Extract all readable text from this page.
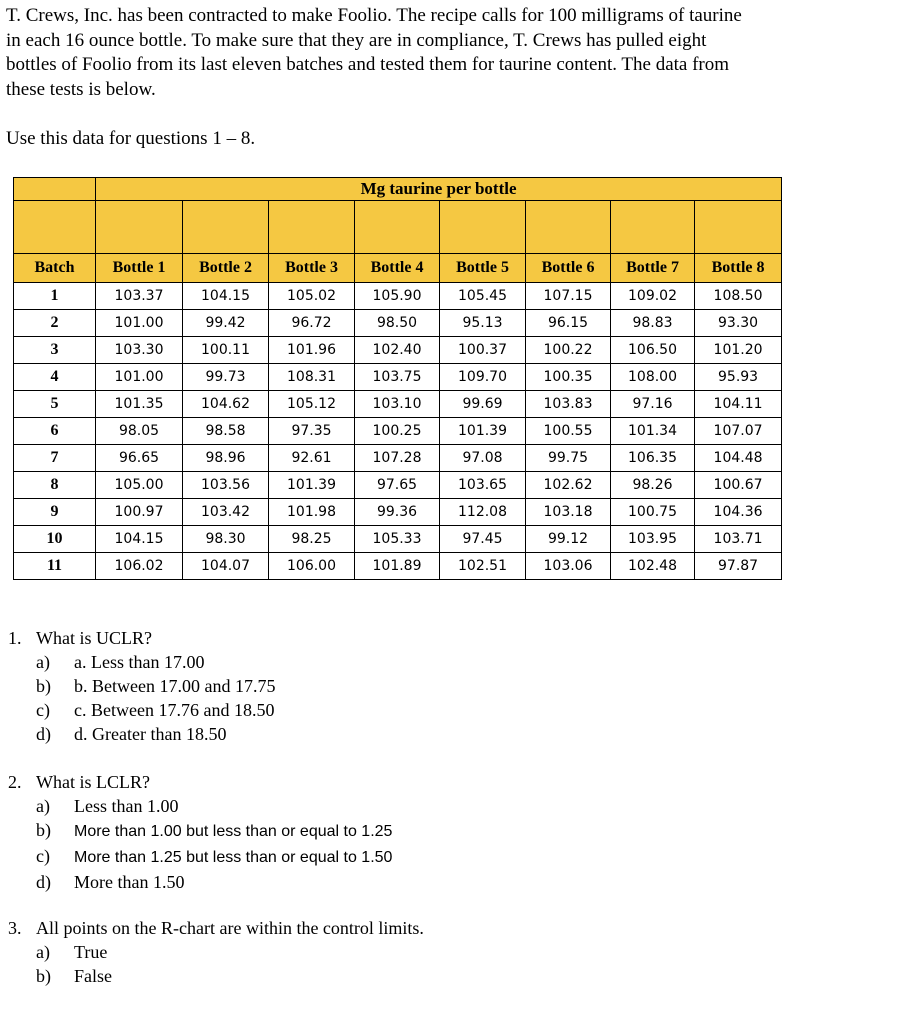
T. Crews, Inc. has been contracted to make Foolio. The recipe calls for 100 milligrams of taurine
in each 16 ounce bottle. To make sure that they are in compliance, T. Crews has pulled eight
bottles of Foolio from its last eleven batches and tested them for taurine content. The data from
these tests is below.
Use this data for questions 1 – 8.
	Mg taurine per bottle							

Batch	Bottle 1	Bottle 2	Bottle 3	Bottle 4	Bottle 5	Bottle 6	Bottle 7	Bottle 8
1	103.37	104.15	105.02	105.90	105.45	107.15	109.02	108.50
2	101.00	99.42	96.72	98.50	95.13	96.15	98.83	93.30
3	103.30	100.11	101.96	102.40	100.37	100.22	106.50	101.20
4	101.00	99.73	108.31	103.75	109.70	100.35	108.00	95.93
5	101.35	104.62	105.12	103.10	99.69	103.83	97.16	104.11
6	98.05	98.58	97.35	100.25	101.39	100.55	101.34	107.07
7	96.65	98.96	92.61	107.28	97.08	99.75	106.35	104.48
8	105.00	103.56	101.39	97.65	103.65	102.62	98.26	100.67
9	100.97	103.42	101.98	99.36	112.08	103.18	100.75	104.36
10	104.15	98.30	98.25	105.33	97.45	99.12	103.95	103.71
11	106.02	104.07	106.00	101.89	102.51	103.06	102.48	97.87
1. What is UCLR?
a) a. Less than 17.00
b) b. Between 17.00 and 17.75
c) c. Between 17.76 and 18.50
d) d. Greater than 18.50
2. What is LCLR?
a) Less than 1.00
b) More than 1.00 but less than or equal to 1.25
c) More than 1.25 but less than or equal to 1.50
d) More than 1.50
3. All points on the R-chart are within the control limits.
a) True
b) False
